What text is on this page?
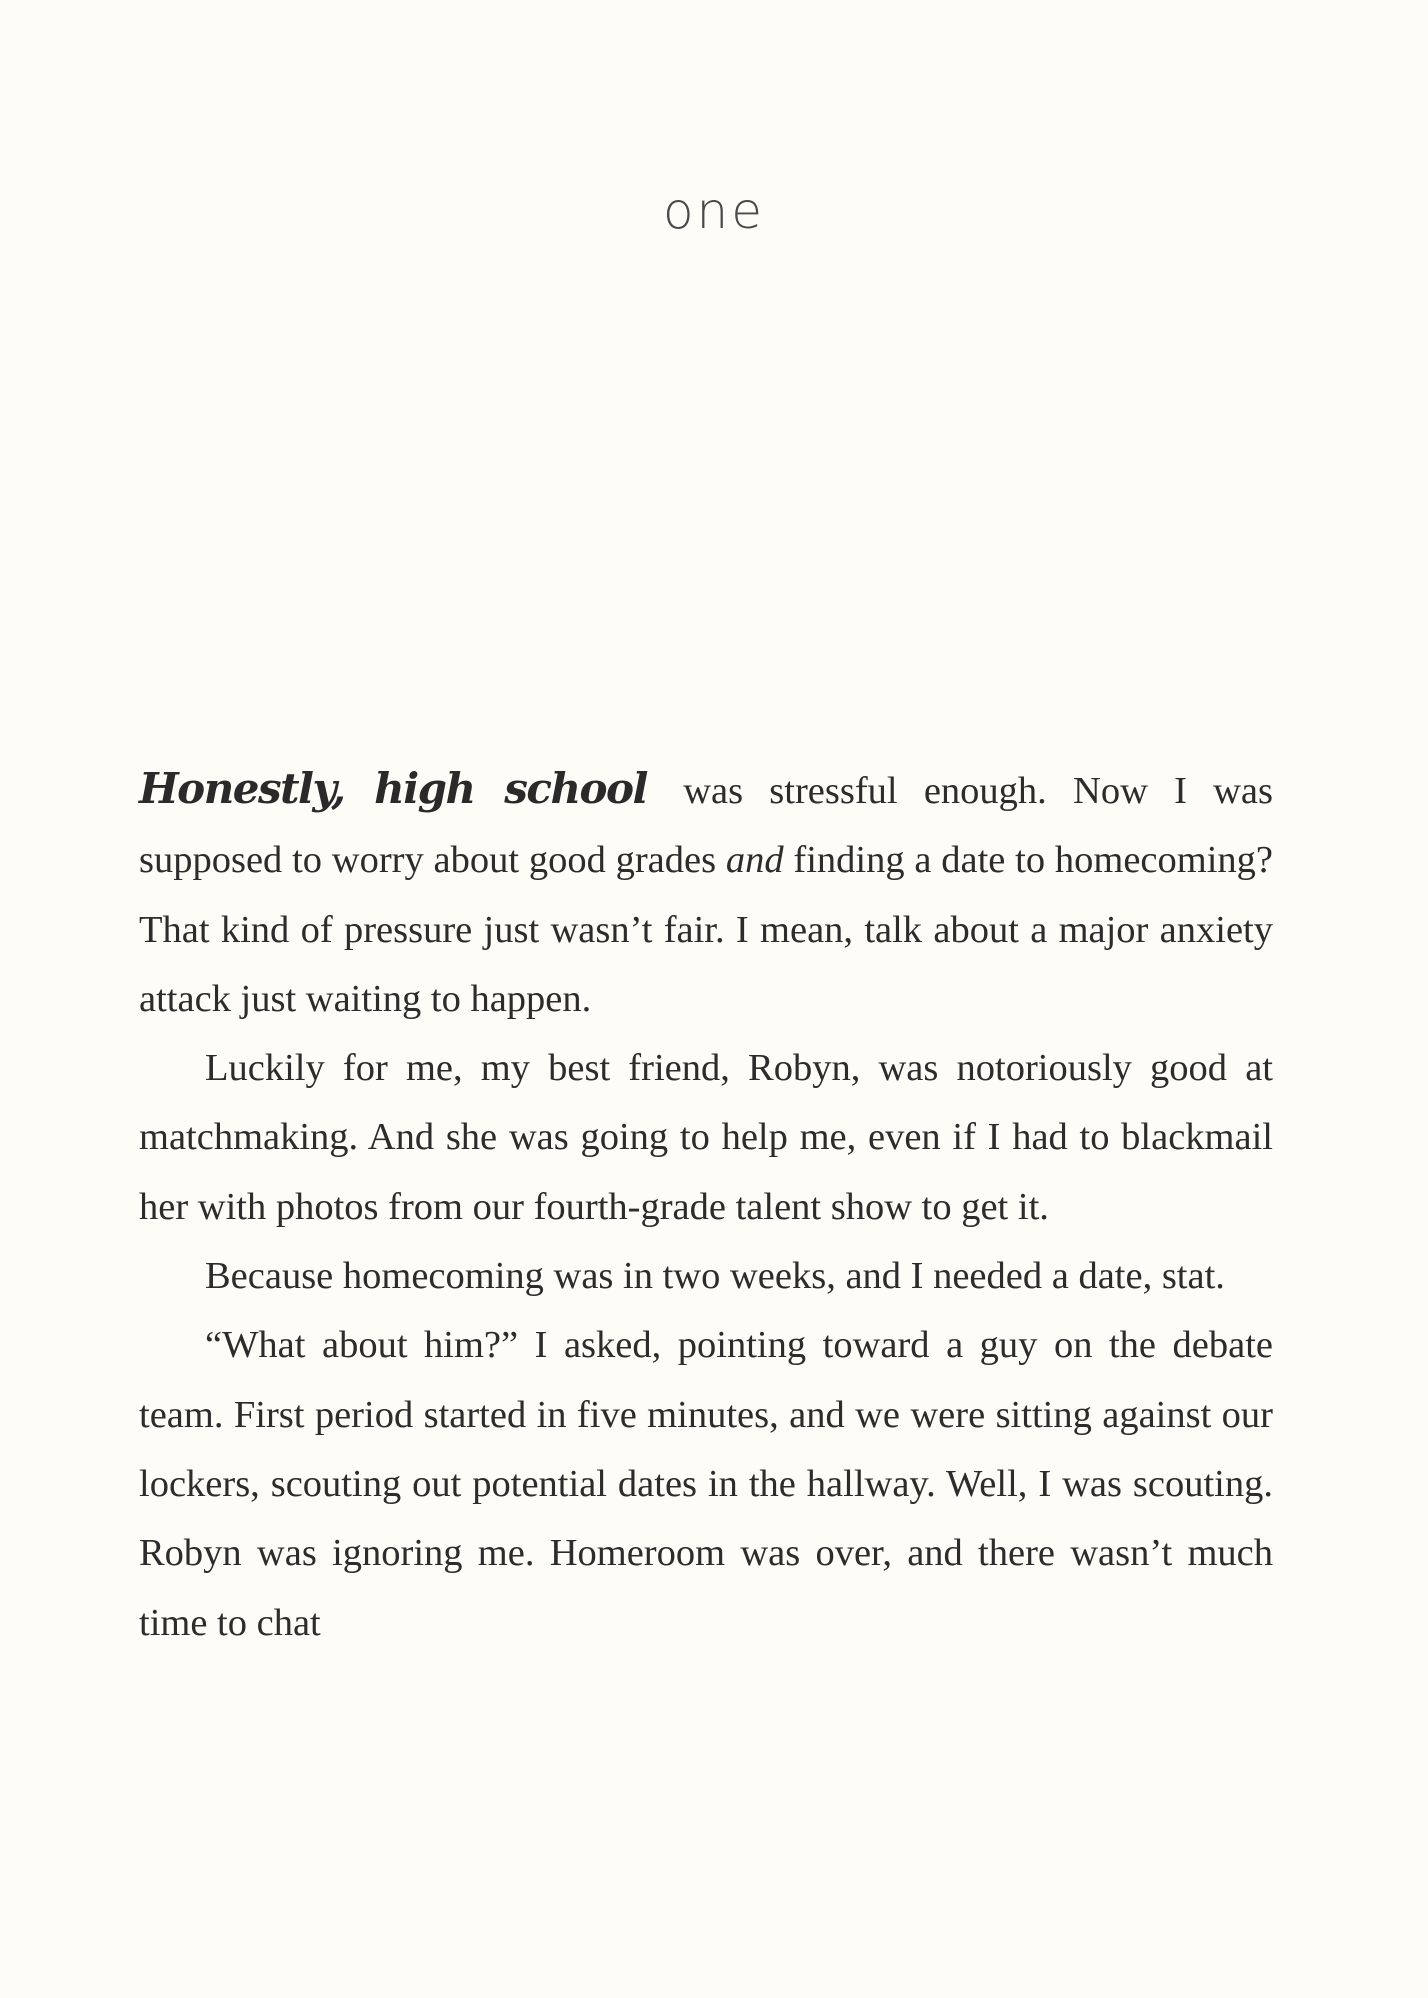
one

Honestly, high school was stressful enough. Now I was supposed to worry about good grades and finding a date to homecoming? That kind of pressure just wasn’t fair. I mean, talk about a major anxiety attack just waiting to happen.

Luckily for me, my best friend, Robyn, was notoriously good at matchmaking. And she was going to help me, even if I had to blackmail her with photos from our fourth-grade talent show to get it.

Because homecoming was in two weeks, and I needed a date, stat.

“What about him?” I asked, pointing toward a guy on the debate team. First period started in five minutes, and we were sitting against our lockers, scouting out potential dates in the hallway. Well, I was scouting. Robyn was ignoring me. Homeroom was over, and there wasn’t much time to chat
